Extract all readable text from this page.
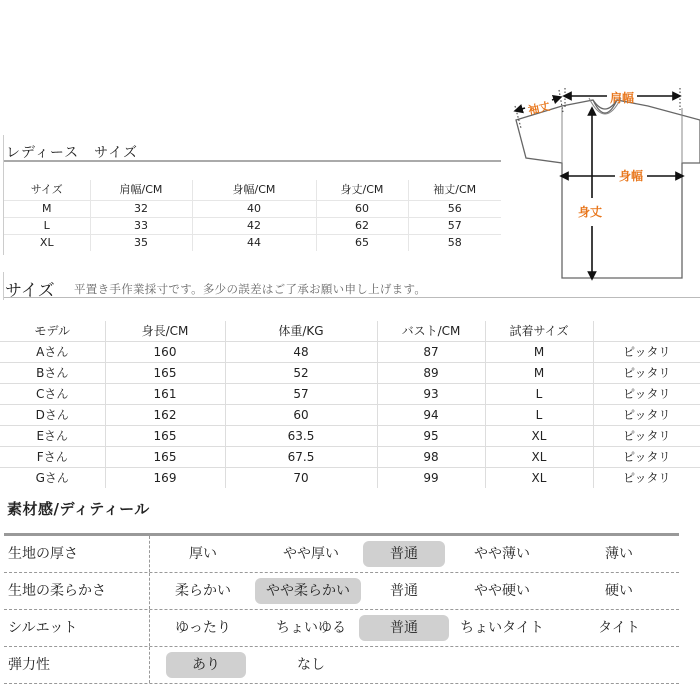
レディース　サイズ
サイズ	肩幅/CM	身幅/CM	身丈/CM	袖丈/CM
M	32	40	60	56
L	33	42	62	57
XL	35	44	65	58
肩幅
袖丈
身幅
身丈
サイズ 平置き手作業採寸です。多少の誤差はご了承お願い申し上げます。
モデル	身長/CM	体重/KG	バスト/CM	試着サイズ	
Aさん	160	48	87	M	ピッタリ
Bさん	165	52	89	M	ピッタリ
Cさん	161	57	93	L	ピッタリ
Dさん	162	60	94	L	ピッタリ
Eさん	165	63.5	95	XL	ピッタリ
Fさん	165	67.5	98	XL	ピッタリ
Gさん	169	70	99	XL	ピッタリ
素材感/ディティール
生地の厚さ	厚い	やや厚い	普通	やや薄い	薄い
生地の柔らかさ	柔らかい	やや柔らかい	普通	やや硬い	硬い
シルエット	ゆったり	ちょいゆる	普通	ちょいタイト	タイト
弾力性	あり	なし
